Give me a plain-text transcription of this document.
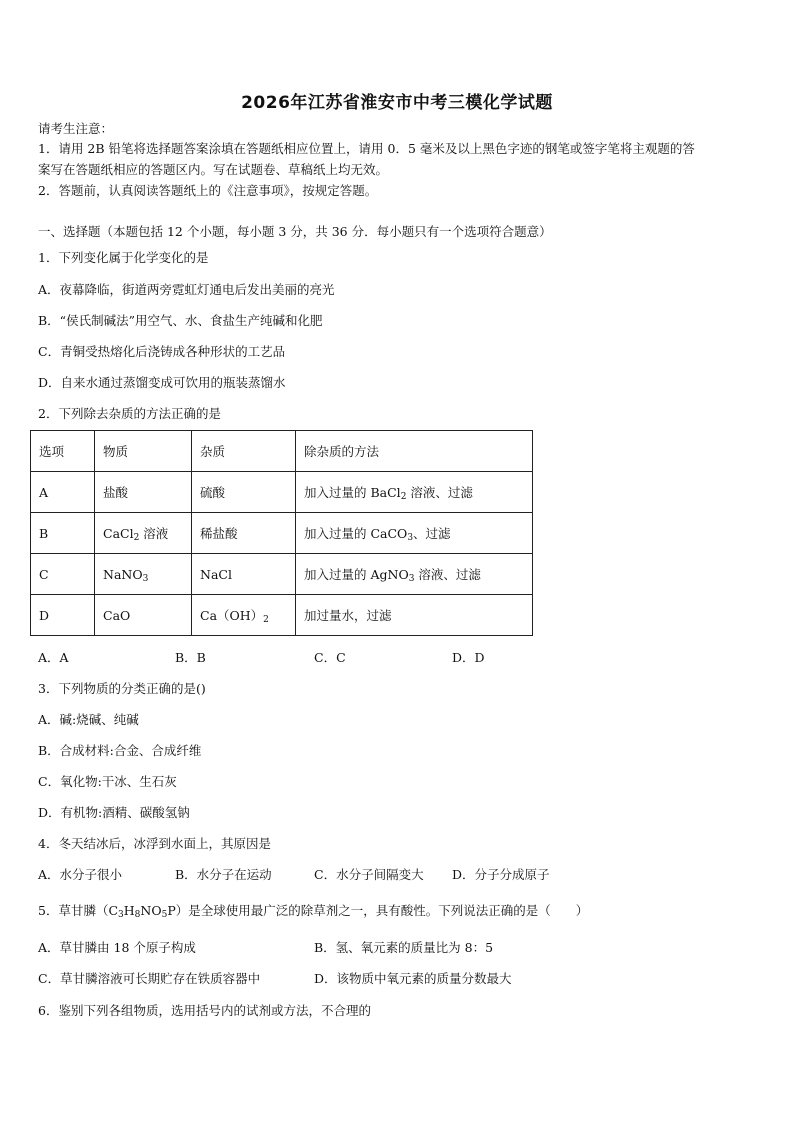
2026年江苏省淮安市中考三模化学试题
请考生注意：
1．请用 2B 铅笔将选择题答案涂填在答题纸相应位置上，请用 0．5 毫米及以上黑色字迹的钢笔或签字笔将主观题的答
案写在答题纸相应的答题区内。写在试题卷、草稿纸上均无效。
2．答题前，认真阅读答题纸上的《注意事项》，按规定答题。
一、选择题（本题包括 12 个小题，每小题 3 分，共 36 分．每小题只有一个选项符合题意）
1．下列变化属于化学变化的是
A．夜幕降临，街道两旁霓虹灯通电后发出美丽的亮光
B．“侯氏制碱法”用空气、水、食盐生产纯碱和化肥
C．青铜受热熔化后浇铸成各种形状的工艺品
D．自来水通过蒸馏变成可饮用的瓶装蒸馏水
2．下列除去杂质的方法正确的是
选项	物质	杂质	除杂质的方法
A	盐酸	硫酸	加入过量的 BaCl$_2$ 溶液、过滤
B	CaCl$_2$ 溶液	稀盐酸	加入过量的 CaCO$_3$、过滤
C	NaNO$_3$	NaCl	加入过量的 AgNO$_3$ 溶液、过滤
D	CaO	$Ca(OH)_2$	加过量水，过滤
A．A	B．B	C．C	D．D
3．下列物质的分类正确的是()
A．碱:烧碱、纯碱
B．合成材料:合金、合成纤维
C．氧化物:干冰、生石灰
D．有机物:酒精、碳酸氢钠
4．冬天结冰后，冰浮到水面上，其原因是
A．水分子很小	B．水分子在运动	C．水分子间隔变大 D．分子分成原子
5．草甘膦$(C_3H_8NO_5P)$是全球使用最广泛的除草剂之一，具有酸性。下列说法正确的是（　　）
A．草甘膦由 18 个原子构成	B．氢、氧元素的质量比为 8：5
C．草甘膦溶液可长期贮存在铁质容器中	D．该物质中氧元素的质量分数最大
6．鉴别下列各组物质，选用括号内的试剂或方法，不合理的
